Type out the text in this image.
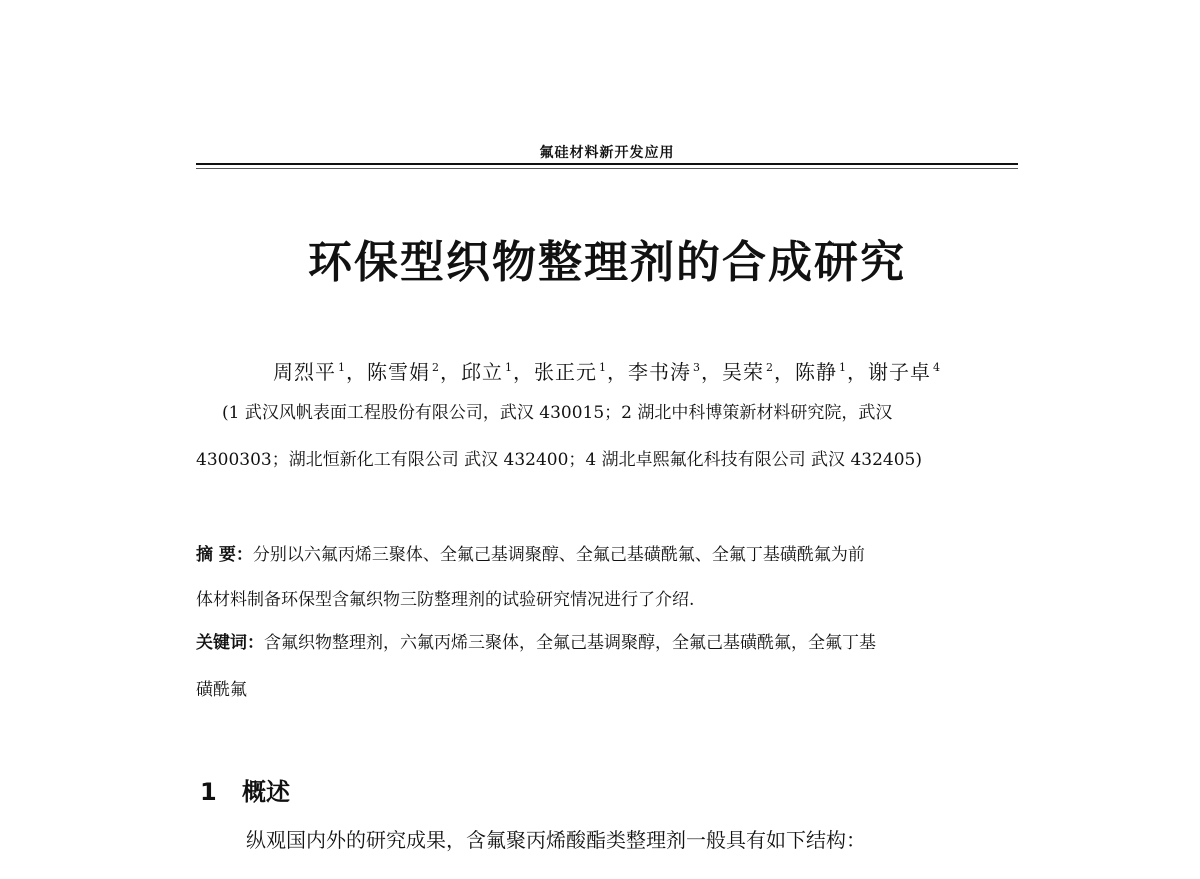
氟硅材料新开发应用
环保型织物整理剂的合成研究
周烈平 $^1$，陈雪娟 $^2$，邱立 $^1$，张正元 $^1$，李书涛 $^3$，吴荣 $^2$，陈静 $^1$，谢子卓 $^4$
(1 武汉风帆表面工程股份有限公司，武汉 430015；2 湖北中科博策新材料研究院，武汉
4300303；湖北恒新化工有限公司 武汉 432400；4 湖北卓熙氟化科技有限公司 武汉 432405)
摘 要：分别以六氟丙烯三聚体、全氟己基调聚醇、全氟己基磺酰氟、全氟丁基磺酰氟为前
体材料制备环保型含氟织物三防整理剂的试验研究情况进行了介绍.
关键词：含氟织物整理剂，六氟丙烯三聚体，全氟己基调聚醇，全氟己基磺酰氟，全氟丁基
磺酰氟
1 概述
纵观国内外的研究成果，含氟聚丙烯酸酯类整理剂一般具有如下结构：
